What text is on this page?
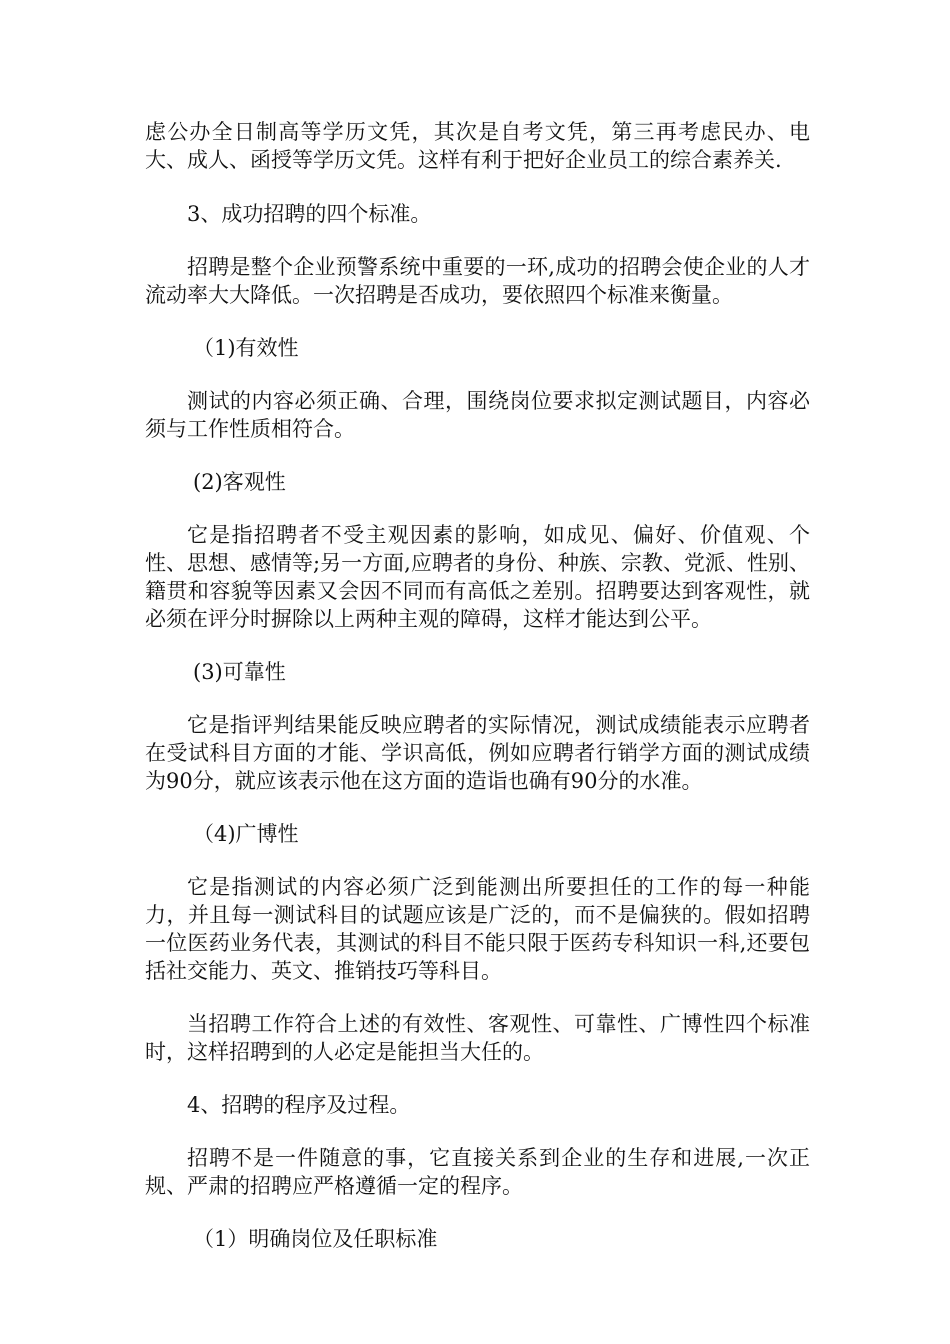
虑公办全日制高等学历文凭，其次是自考文凭，第三再考虑民办、电大、成人、函授等学历文凭。这样有利于把好企业员工的综合素养关.

3、成功招聘的四个标准。

招聘是整个企业预警系统中重要的一环,成功的招聘会使企业的人才流动率大大降低。一次招聘是否成功，要依照四个标准来衡量。

（1)有效性

测试的内容必须正确、合理，围绕岗位要求拟定测试题目，内容必须与工作性质相符合。

(2)客观性

它是指招聘者不受主观因素的影响，如成见、偏好、价值观、个性、思想、感情等;另一方面,应聘者的身份、种族、宗教、党派、性别、籍贯和容貌等因素又会因不同而有高低之差别。招聘要达到客观性，就必须在评分时摒除以上两种主观的障碍，这样才能达到公平。

(3)可靠性

它是指评判结果能反映应聘者的实际情况，测试成绩能表示应聘者在受试科目方面的才能、学识高低，例如应聘者行销学方面的测试成绩为90分，就应该表示他在这方面的造诣也确有90分的水准。

（4)广博性

它是指测试的内容必须广泛到能测出所要担任的工作的每一种能力，并且每一测试科目的试题应该是广泛的，而不是偏狭的。假如招聘一位医药业务代表，其测试的科目不能只限于医药专科知识一科,还要包括社交能力、英文、推销技巧等科目。

当招聘工作符合上述的有效性、客观性、可靠性、广博性四个标准时，这样招聘到的人必定是能担当大任的。

4、招聘的程序及过程。

招聘不是一件随意的事，它直接关系到企业的生存和进展,一次正规、严肃的招聘应严格遵循一定的程序。

（1）明确岗位及任职标准
